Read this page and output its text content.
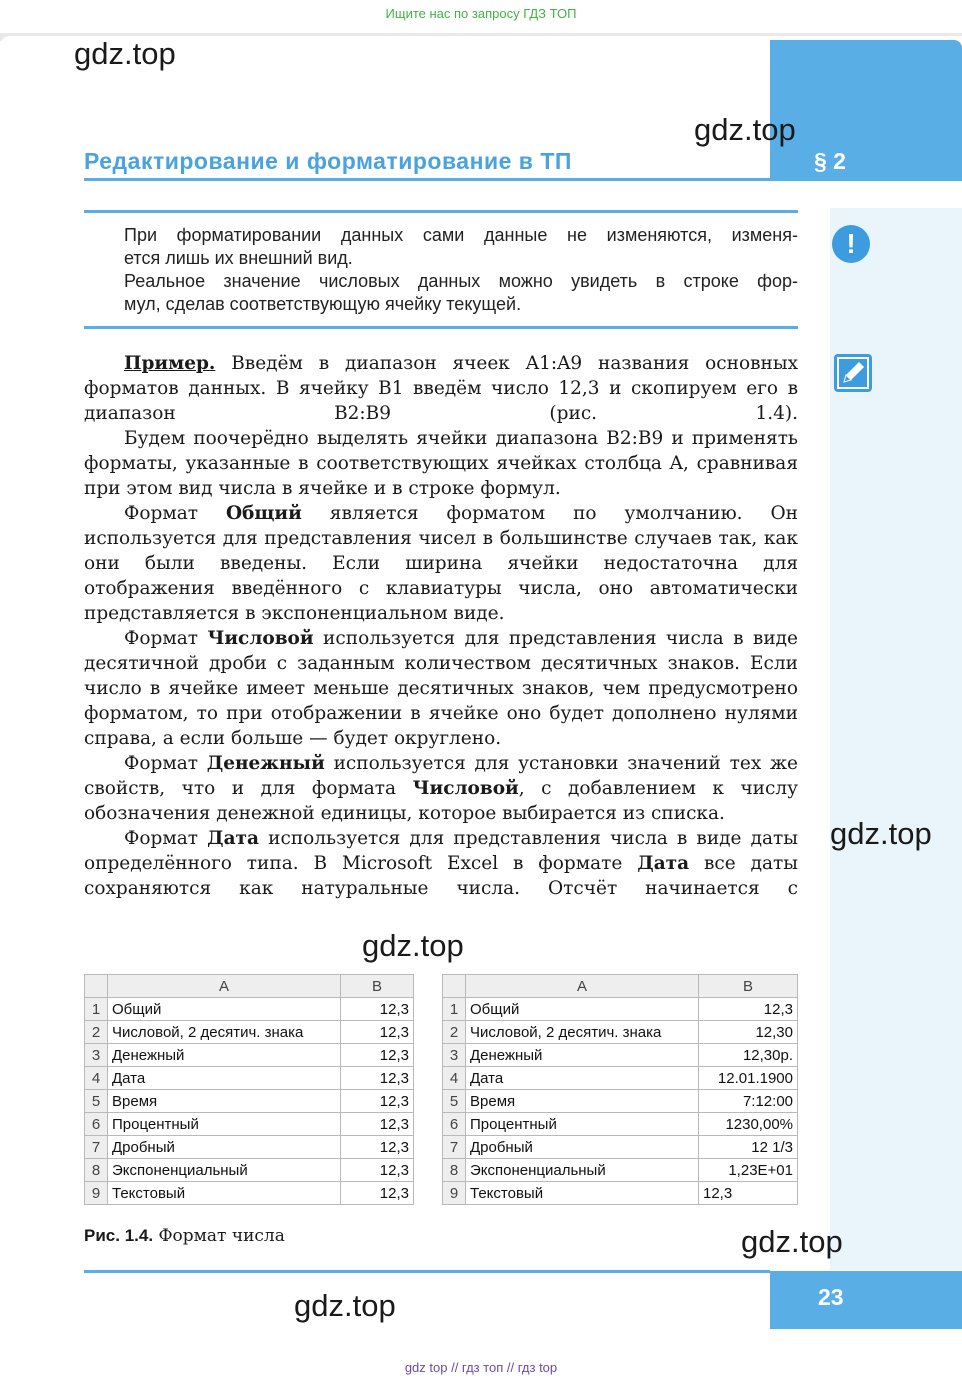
Ищите нас по запросу ГДЗ ТОП
gdz.top
gdz.top
Редактирование и форматирование в ТП	§ 2
При форматировании данных сами данные не изменяются, изменя-
ется лишь их внешний вид.
Реальное значение числовых данных можно увидеть в строке фор-
мул, сделав соответствующую ячейку текущей.
!

Пример. Введём в диапазон ячеек A1:A9 названия основных форматов данных. В ячейку B1 введём число 12,3 и скопируем его в диапазон B2:B9 (рис. 1.4).

Будем поочерёдно выделять ячейки диапазона B2:B9 и применять форматы, указанные в соответствующих ячейках столбца A, сравнивая при этом вид числа в ячейке и в строке формул.

Формат Общий является форматом по умолчанию. Он используется для представления чисел в большинстве случаев так, как они были введены. Если ширина ячейки недостаточна для отображения введённого с клавиатуры числа, оно автоматически представляется в экспоненциальном виде.

Формат Числовой используется для представления числа в виде десятичной дроби с заданным количеством десятичных знаков. Если число в ячейке имеет меньше десятичных знаков, чем предусмотрено форматом, то при отображении в ячейке оно будет дополнено нулями справа, а если больше — будет округлено.

Формат Денежный используется для установки значений тех же свойств, что и для формата Числовой, с добавлением к числу обозначения денежной единицы, которое выбирается из списка.

Формат Дата используется для представления числа в виде даты определённого типа. В Microsoft Excel в формате Дата все даты сохраняются как натуральные числа. Отсчёт начинается с

gdz.top
gdz.top
	A	B
1	Общий	12,3
2	Числовой, 2 десятич. знака	12,3
3	Денежный	12,3
4	Дата	12,3
5	Время	12,3
6	Процентный	12,3
7	Дробный	12,3
8	Экспоненциальный	12,3
9	Текстовый	12,3
	A	B
1	Общий	12,3
2	Числовой, 2 десятич. знака	12,30
3	Денежный	12,30р.
4	Дата	12.01.1900
5	Время	7:12:00
6	Процентный	1230,00%
7	Дробный	12 1/3
8	Экспоненциальный	1,23E+01
9	Текстовый	12,3
Рис. 1.4. Формат числа	gdz.top
23
gdz.top
gdz top // гдз топ // гдз top
